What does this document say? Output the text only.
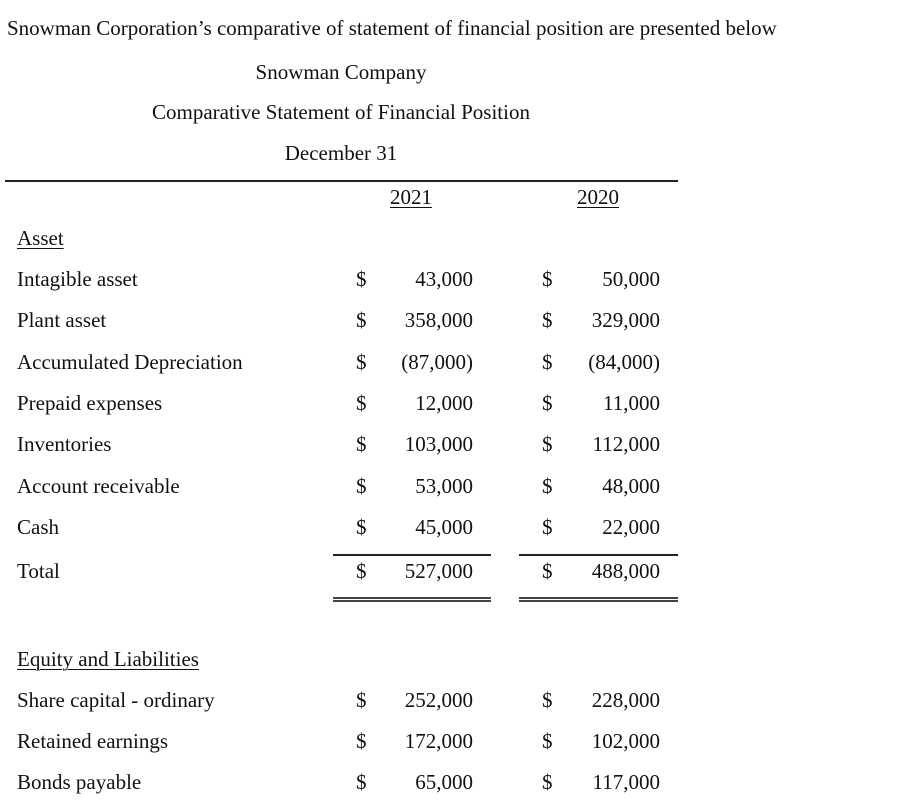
Snowman Corporation’s comparative of statement of financial position are presented below
Snowman Company
Comparative Statement of Financial Position
December 31
2021	2020
Asset
Intagible asset	$ 43,000	$ 50,000
Plant asset	$ 358,000	$ 329,000
Accumulated Depreciation	$ (87,000)	$ (84,000)
Prepaid expenses	$ 12,000	$ 11,000
Inventories	$ 103,000	$ 112,000
Account receivable	$ 53,000	$ 48,000
Cash	$ 45,000	$ 22,000
Total	$ 527,000	$ 488,000
Equity and Liabilities
Share capital - ordinary	$ 252,000	$ 228,000
Retained earnings	$ 172,000	$ 102,000
Bonds payable	$ 65,000	$ 117,000
